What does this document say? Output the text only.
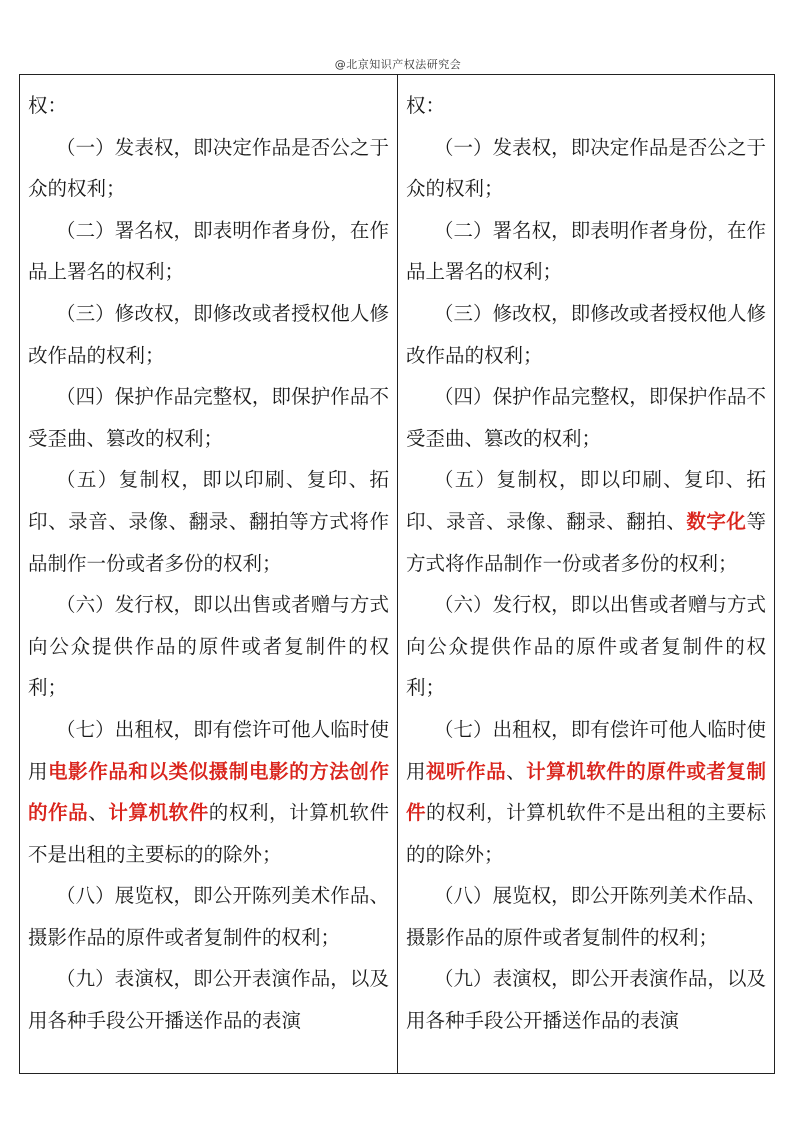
@北京知识产权法研究会

权：

（一）发表权，即决定作品是否公之于众的权利；

（二）署名权，即表明作者身份，在作品上署名的权利；

（三）修改权，即修改或者授权他人修改作品的权利；

（四）保护作品完整权，即保护作品不受歪曲、篡改的权利；

（五）复制权，即以印刷、复印、拓印、录音、录像、翻录、翻拍等方式将作品制作一份或者多份的权利；

（六）发行权，即以出售或者赠与方式向公众提供作品的原件或者复制件的权利；

（七）出租权，即有偿许可他人临时使用电影作品和以类似摄制电影的方法创作的作品、计算机软件的权利，计算机软件不是出租的主要标的的除外；

（八）展览权，即公开陈列美术作品、摄影作品的原件或者复制件的权利；

（九）表演权，即公开表演作品，以及用各种手段公开播送作品的表演

权：

（一）发表权，即决定作品是否公之于众的权利；

（二）署名权，即表明作者身份，在作品上署名的权利；

（三）修改权，即修改或者授权他人修改作品的权利；

（四）保护作品完整权，即保护作品不受歪曲、篡改的权利；

（五）复制权，即以印刷、复印、拓印、录音、录像、翻录、翻拍、数字化等方式将作品制作一份或者多份的权利；

（六）发行权，即以出售或者赠与方式向公众提供作品的原件或者复制件的权利；

（七）出租权，即有偿许可他人临时使用视听作品、计算机软件的原件或者复制件的权利，计算机软件不是出租的主要标的的除外；

（八）展览权，即公开陈列美术作品、摄影作品的原件或者复制件的权利；

（九）表演权，即公开表演作品，以及用各种手段公开播送作品的表演
